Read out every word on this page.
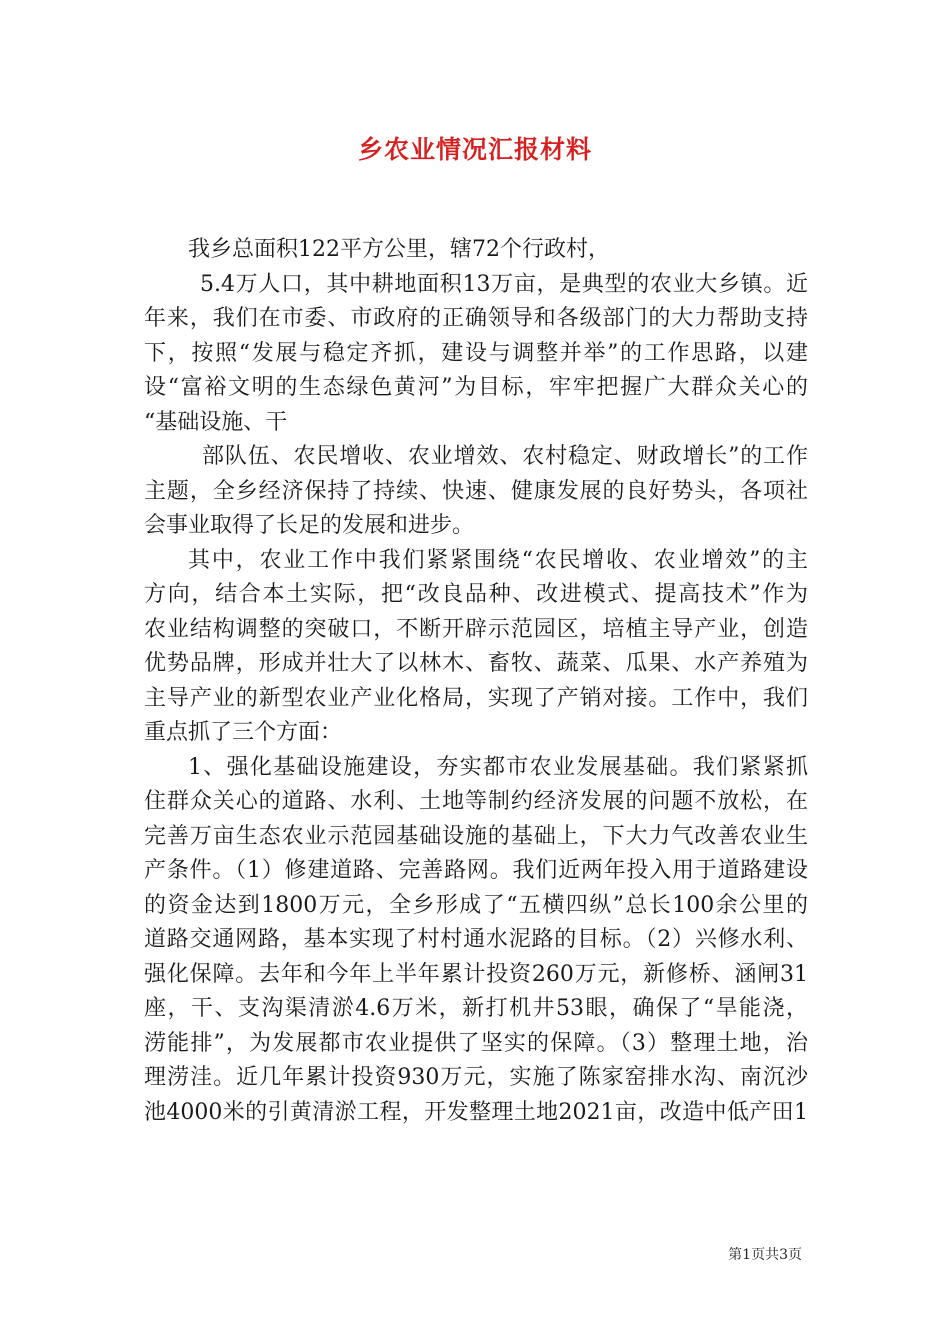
乡农业情况汇报材料
我乡总面积122平方公里，辖72个行政村，
5.4万人口，其中耕地面积13万亩，是典型的农业大乡镇。近
年来，我们在市委、市政府的正确领导和各级部门的大力帮助支持
下，按照“发展与稳定齐抓，建设与调整并举”的工作思路，以建
设“富裕文明的生态绿色黄河”为目标，牢牢把握广大群众关心的
“基础设施、干
部队伍、农民增收、农业增效、农村稳定、财政增长”的工作
主题，全乡经济保持了持续、快速、健康发展的良好势头，各项社
会事业取得了长足的发展和进步。
其中，农业工作中我们紧紧围绕“农民增收、农业增效”的主
方向，结合本土实际，把“改良品种、改进模式、提高技术”作为
农业结构调整的突破口，不断开辟示范园区，培植主导产业，创造
优势品牌，形成并壮大了以林木、畜牧、蔬菜、瓜果、水产养殖为
主导产业的新型农业产业化格局，实现了产销对接。工作中，我们
重点抓了三个方面：
1、强化基础设施建设，夯实都市农业发展基础。我们紧紧抓
住群众关心的道路、水利、土地等制约经济发展的问题不放松，在
完善万亩生态农业示范园基础设施的基础上，下大力气改善农业生
产条件。（1）修建道路、完善路网。我们近两年投入用于道路建设
的资金达到1800万元，全乡形成了“五横四纵”总长100余公里的
道路交通网路，基本实现了村村通水泥路的目标。（2）兴修水利、
强化保障。去年和今年上半年累计投资260万元，新修桥、涵闸31
座，干、支沟渠清淤4.6万米，新打机井53眼，确保了“旱能浇，
涝能排”，为发展都市农业提供了坚实的保障。（3）整理土地，治
理涝洼。近几年累计投资930万元，实施了陈家窑排水沟、南沉沙
池4000米的引黄清淤工程，开发整理土地2021亩，改造中低产田1
第1页共3页
